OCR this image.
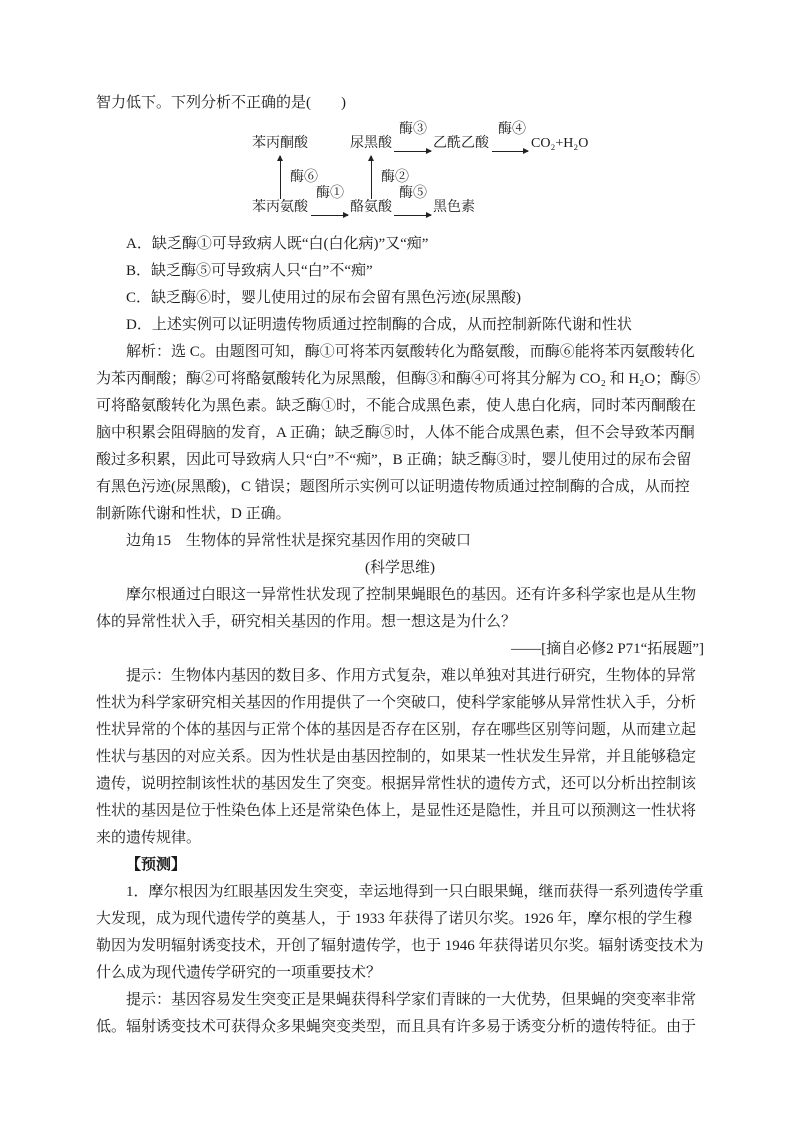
智力低下。下列分析不正确的是(　　)

苯丙酮酸	尿黑酸
酶③
乙酰乙酸
酶④
CO₂+H₂O
酶⑥	酶②
苯丙氨酸
酶①
酪氨酸
酶⑤
黑色素

A．缺乏酶①可导致病人既“白(白化病)”又“痴”

B．缺乏酶⑤可导致病人只“白”不“痴”

C．缺乏酶⑥时，婴儿使用过的尿布会留有黑色污迹(尿黑酸)

D．上述实例可以证明遗传物质通过控制酶的合成，从而控制新陈代谢和性状

解析：选 C。由题图可知，酶①可将苯丙氨酸转化为酪氨酸，而酶⑥能将苯丙氨酸转化为苯丙酮酸；酶②可将酪氨酸转化为尿黑酸，但酶③和酶④可将其分解为 CO₂ 和 H₂O；酶⑤可将酪氨酸转化为黑色素。缺乏酶①时，不能合成黑色素，使人患白化病，同时苯丙酮酸在脑中积累会阻碍脑的发育，A 正确；缺乏酶⑤时，人体不能合成黑色素，但不会导致苯丙酮酸过多积累，因此可导致病人只“白”不“痴”，B 正确；缺乏酶③时，婴儿使用过的尿布会留有黑色污迹(尿黑酸)，C 错误；题图所示实例可以证明遗传物质通过控制酶的合成，从而控制新陈代谢和性状，D 正确。

边角15　生物体的异常性状是探究基因作用的突破口

(科学思维)

摩尔根通过白眼这一异常性状发现了控制果蝇眼色的基因。还有许多科学家也是从生物体的异常性状入手，研究相关基因的作用。想一想这是为什么？

——[摘自必修2 P71“拓展题”]

提示：生物体内基因的数目多、作用方式复杂，难以单独对其进行研究，生物体的异常性状为科学家研究相关基因的作用提供了一个突破口，使科学家能够从异常性状入手，分析性状异常的个体的基因与正常个体的基因是否存在区别，存在哪些区别等问题，从而建立起性状与基因的对应关系。因为性状是由基因控制的，如果某一性状发生异常，并且能够稳定遗传，说明控制该性状的基因发生了突变。根据异常性状的遗传方式，还可以分析出控制该性状的基因是位于性染色体上还是常染色体上，是显性还是隐性，并且可以预测这一性状将来的遗传规律。

【预测】

1．摩尔根因为红眼基因发生突变，幸运地得到一只白眼果蝇，继而获得一系列遗传学重大发现，成为现代遗传学的奠基人，于 1933 年获得了诺贝尔奖。1926 年，摩尔根的学生穆勒因为发明辐射诱变技术，开创了辐射遗传学，也于 1946 年获得诺贝尔奖。辐射诱变技术为什么成为现代遗传学研究的一项重要技术？

提示：基因容易发生突变正是果蝇获得科学家们青睐的一大优势，但果蝇的突变率非常低。辐射诱变技术可获得众多果蝇突变类型，而且具有许多易于诱变分析的遗传特征。由于
